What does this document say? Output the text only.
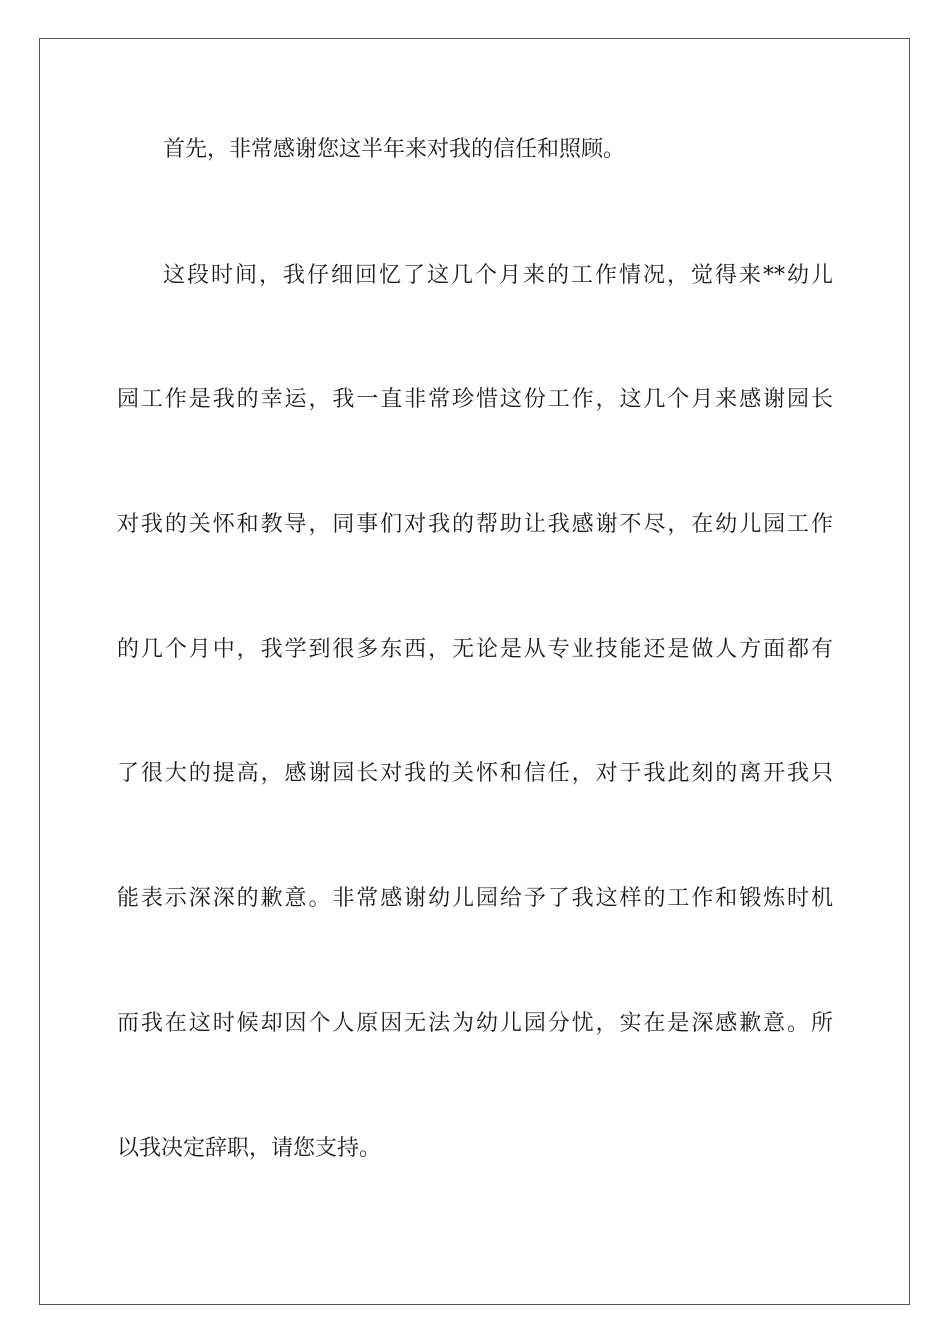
首先，非常感谢您这半年来对我的信任和照顾。
这段时间，我仔细回忆了这几个月来的工作情况，觉得来**幼儿
园工作是我的幸运，我一直非常珍惜这份工作，这几个月来感谢园长
对我的关怀和教导，同事们对我的帮助让我感谢不尽，在幼儿园工作
的几个月中，我学到很多东西，无论是从专业技能还是做人方面都有
了很大的提高，感谢园长对我的关怀和信任，对于我此刻的离开我只
能表示深深的歉意。非常感谢幼儿园给予了我这样的工作和锻炼时机
而我在这时候却因个人原因无法为幼儿园分忧，实在是深感歉意。所
以我决定辞职，请您支持。
